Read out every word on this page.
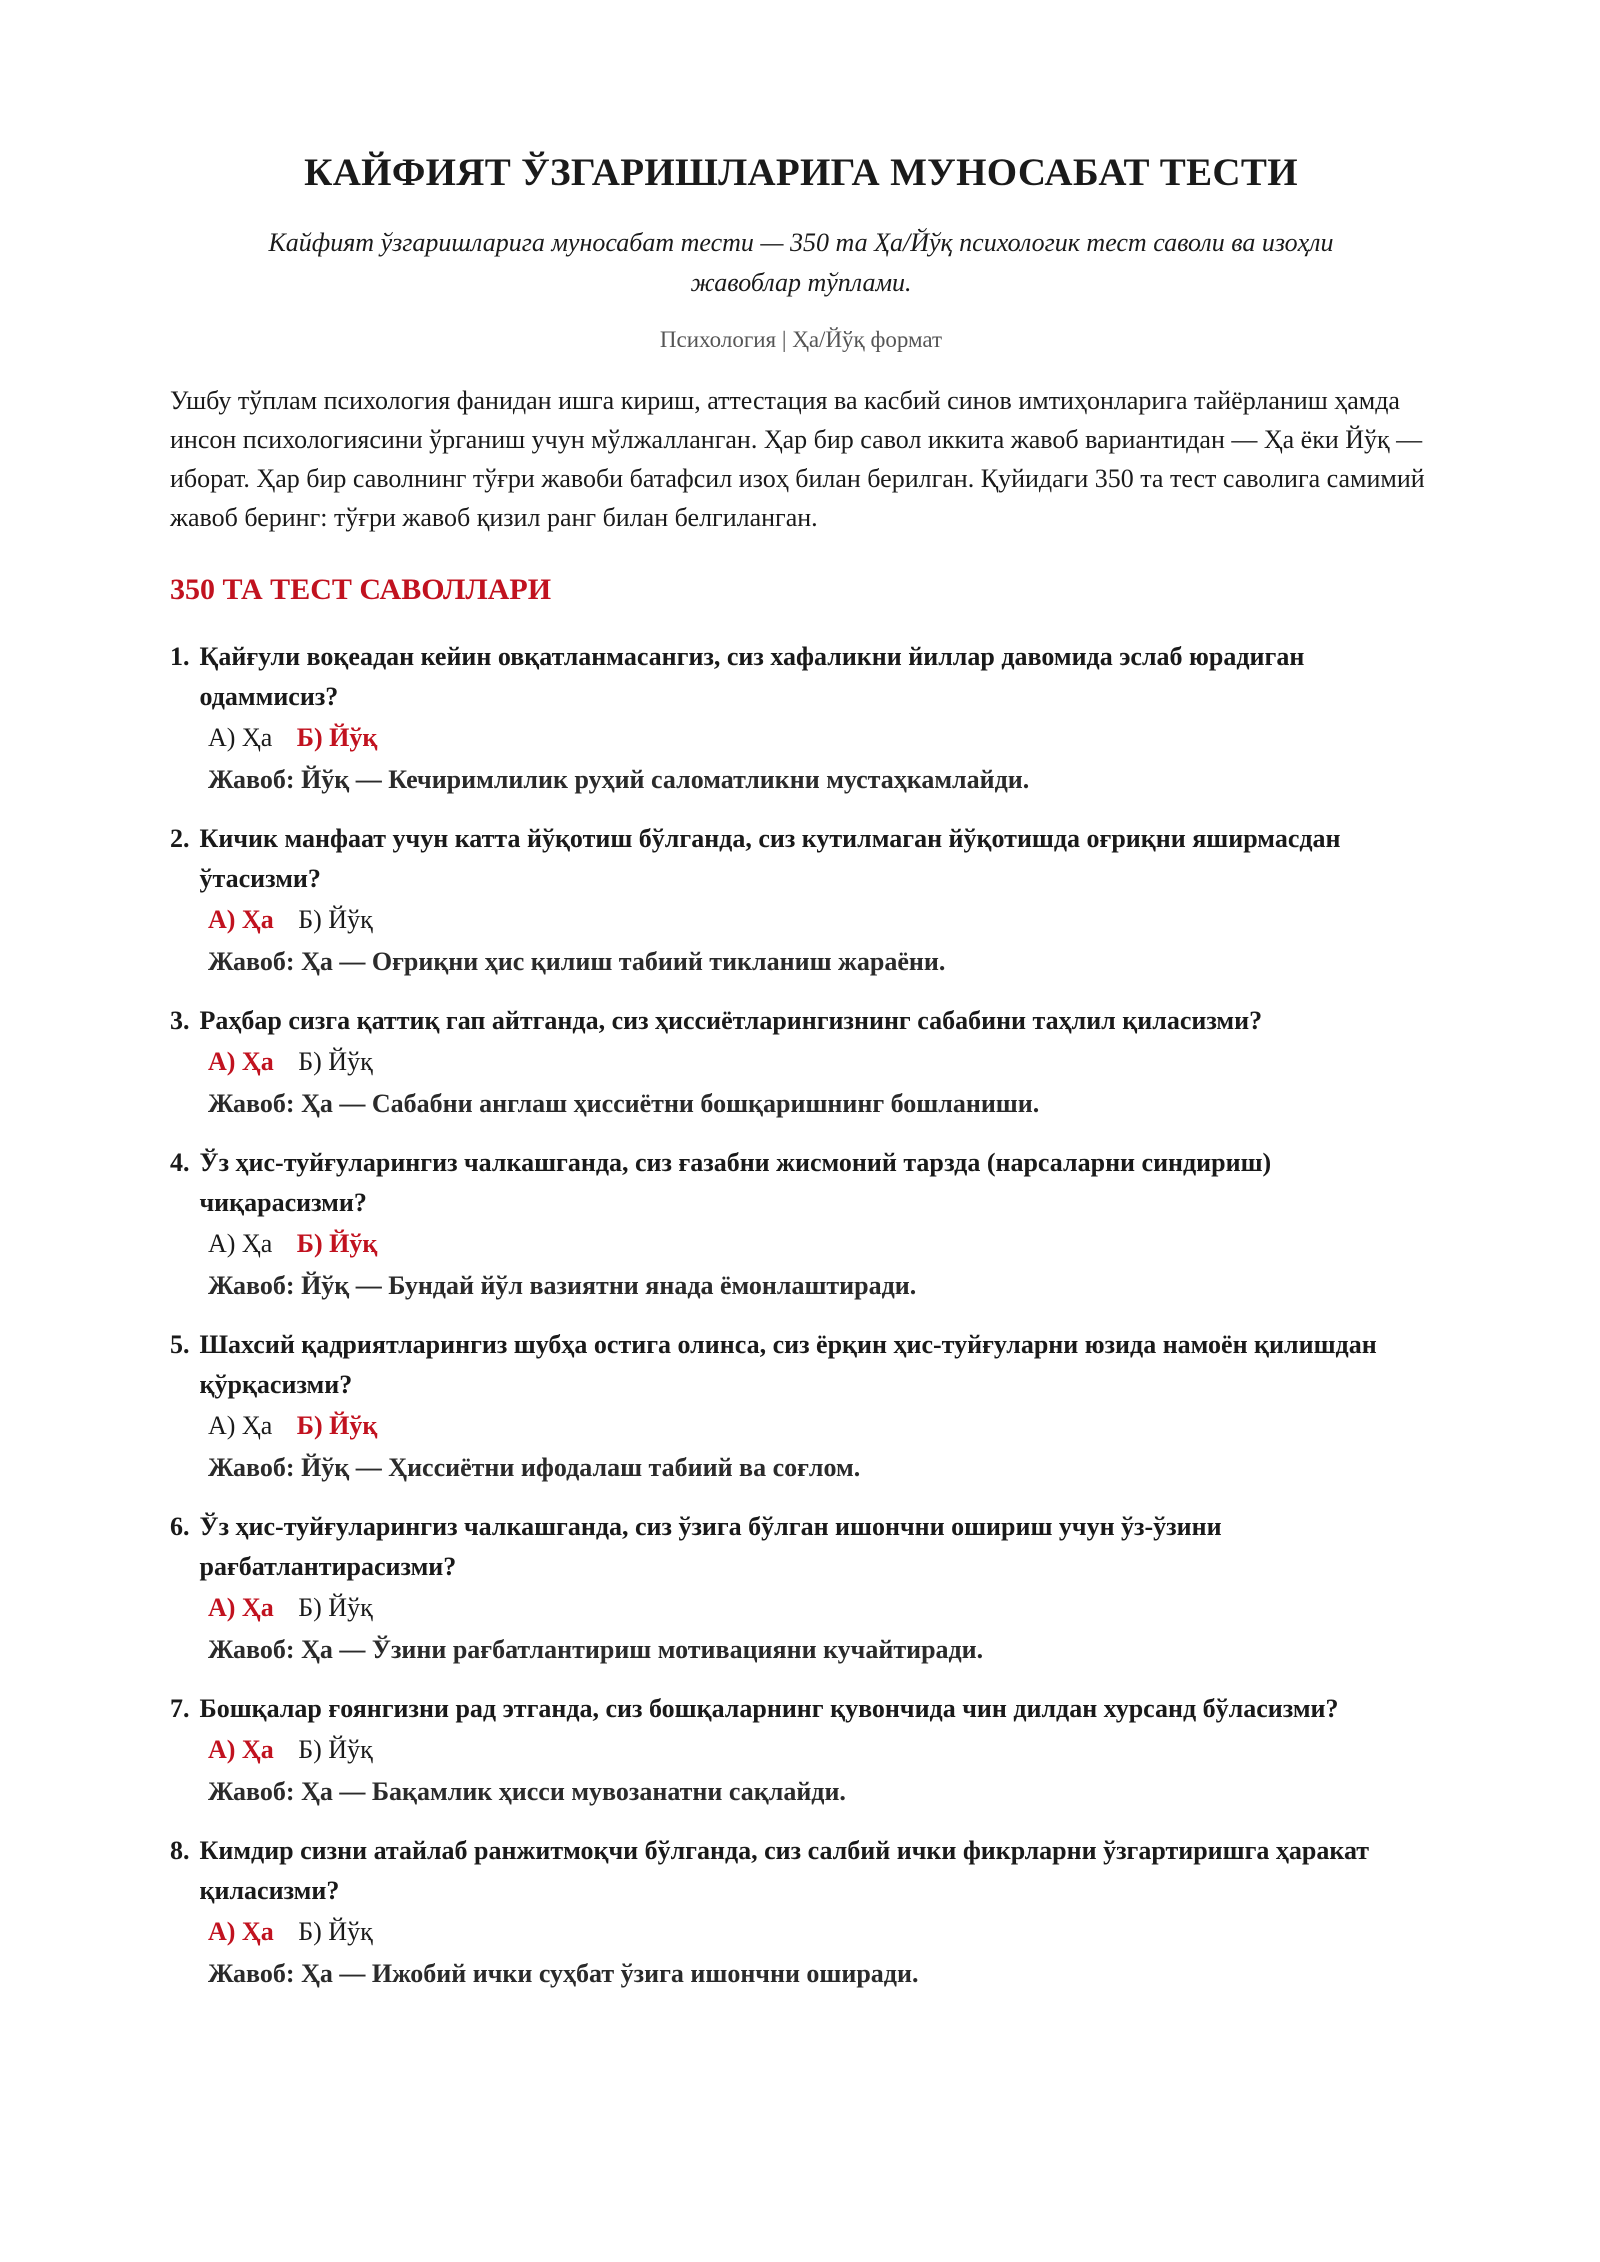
КАЙФИЯТ ЎЗГАРИШЛАРИГА МУНОСАБАТ ТЕСТИ
Кайфият ўзгаришларига муносабат тести — 350 та Ҳа/Йўқ психологик тест саволи ва изоҳли жавоблар тўплами.
Психология | Ҳа/Йўқ формат
Ушбу тўплам психология фанидан ишга кириш, аттестация ва касбий синов имтиҳонларига тайёрланиш ҳамда инсон психологиясини ўрганиш учун мўлжалланган. Ҳар бир савол иккита жавоб вариантидан — Ҳа ёки Йўқ — иборат. Ҳар бир саволнинг тўғри жавоби батафсил изоҳ билан берилган. Қуйидаги 350 та тест саволига самимий жавоб беринг: тўғри жавоб қизил ранг билан белгиланган.
350 ТА ТЕСТ САВОЛЛАРИ
1. Қайғули воқеадан кейин овқатланмасангиз, сиз хафаликни йиллар давомида эслаб юрадиган одаммисиз?
А) Ҳа Б) Йўқ
Жавоб: Йўқ — Кечиримлилик руҳий саломатликни мустаҳкамлайди.
2. Кичик манфаат учун катта йўқотиш бўлганда, сиз кутилмаган йўқотишда оғриқни яширмасдан ўтасизми?
А) Ҳа Б) Йўқ
Жавоб: Ҳа — Оғриқни ҳис қилиш табиий тикланиш жараёни.
3. Раҳбар сизга қаттиқ гап айтганда, сиз ҳиссиётларингизнинг сабабини таҳлил қиласизми?
А) Ҳа Б) Йўқ
Жавоб: Ҳа — Сабабни англаш ҳиссиётни бошқаришнинг бошланиши.
4. Ўз ҳис-туйғуларингиз чалкашганда, сиз ғазабни жисмоний тарзда (нарсаларни синдириш) чиқарасизми?
А) Ҳа Б) Йўқ
Жавоб: Йўқ — Бундай йўл вазиятни янада ёмонлаштиради.
5. Шахсий қадриятларингиз шубҳа остига олинса, сиз ёрқин ҳис-туйғуларни юзида намоён қилишдан қўрқасизми?
А) Ҳа Б) Йўқ
Жавоб: Йўқ — Ҳиссиётни ифодалаш табиий ва соғлом.
6. Ўз ҳис-туйғуларингиз чалкашганда, сиз ўзига бўлган ишончни ошириш учун ўз-ўзини рағбатлантирасизми?
А) Ҳа Б) Йўқ
Жавоб: Ҳа — Ўзини рағбатлантириш мотивацияни кучайтиради.
7. Бошқалар ғоянгизни рад этганда, сиз бошқаларнинг қувончида чин дилдан хурсанд бўласизми?
А) Ҳа Б) Йўқ
Жавоб: Ҳа — Бақамлик ҳисси мувозанатни сақлайди.
8. Кимдир сизни атайлаб ранжитмоқчи бўлганда, сиз салбий ички фикрларни ўзгартиришга ҳаракат қиласизми?
А) Ҳа Б) Йўқ
Жавоб: Ҳа — Ижобий ички суҳбат ўзига ишончни оширади.
